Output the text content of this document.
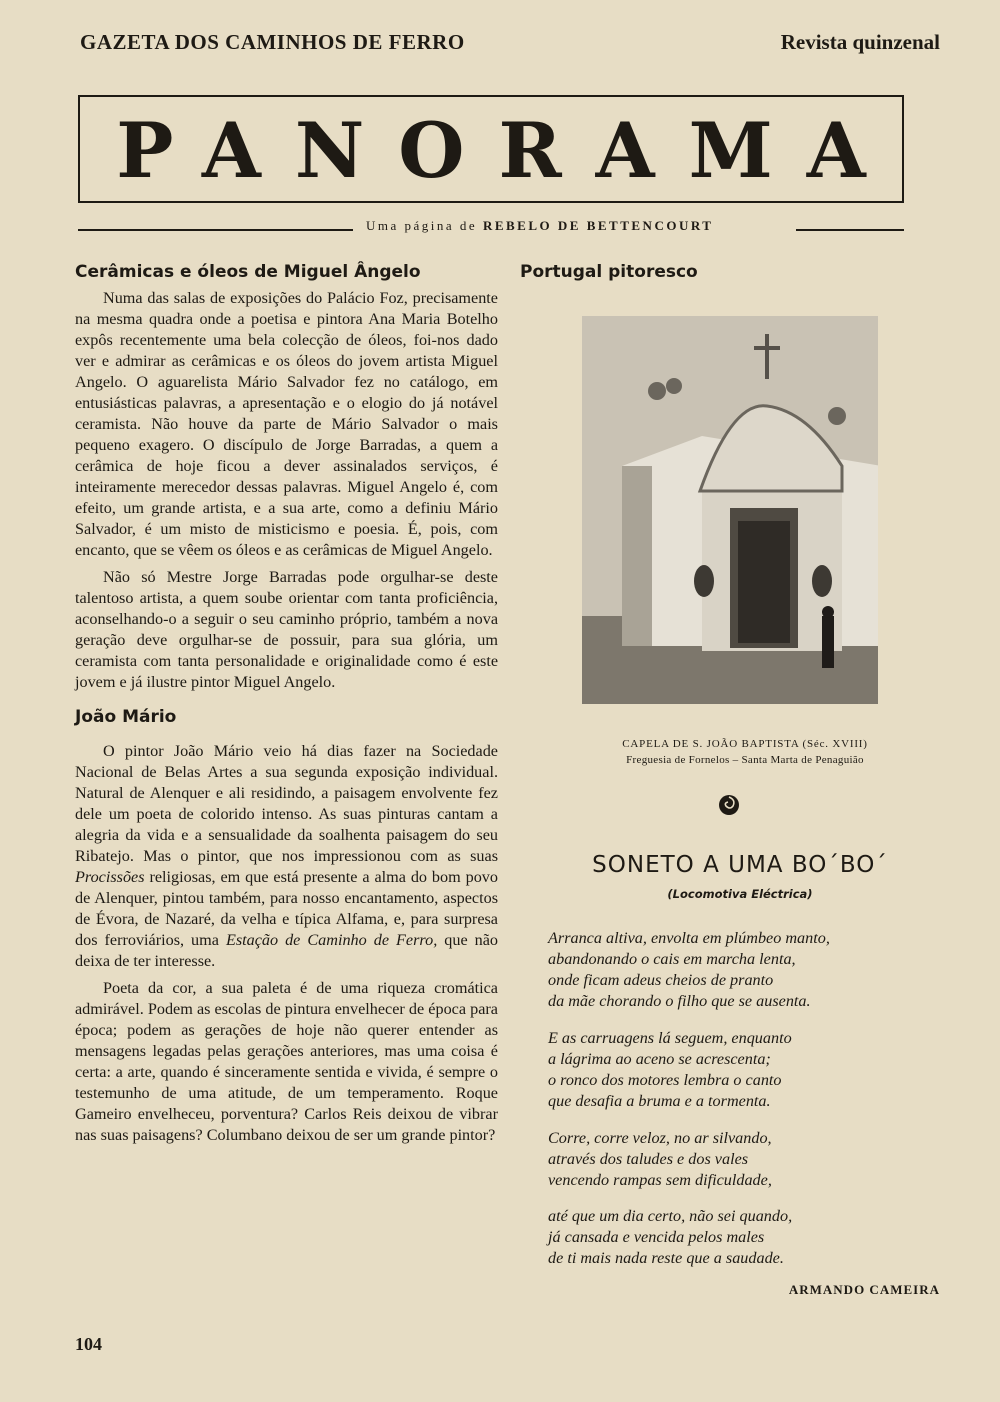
GAZETA DOS CAMINHOS DE FERRO	Revista quinzenal
PANORAMA
Uma página de REBELO DE BETTENCOURT
Cerâmicas e óleos de Miguel Ângelo

Numa das salas de exposições do Palácio Foz, precisamente na mesma quadra onde a poetisa e pintora Ana Maria Botelho expôs recentemente uma bela colecção de óleos, foi-nos dado ver e admirar as cerâmicas e os óleos do jovem artista Miguel Angelo. O aguarelista Mário Salvador fez no catálogo, em entusiásticas palavras, a apresentação e o elogio do já notável ceramista. Não houve da parte de Mário Salvador o mais pequeno exagero. O discípulo de Jorge Barradas, a quem a cerâmica de hoje ficou a dever assinalados serviços, é inteiramente merecedor dessas palavras. Miguel Angelo é, com efeito, um grande artista, e a sua arte, como a definiu Mário Salvador, é um misto de misticismo e poesia. É, pois, com encanto, que se vêem os óleos e as cerâmicas de Miguel Angelo.

Não só Mestre Jorge Barradas pode orgulhar-se deste talentoso artista, a quem soube orientar com tanta proficiência, aconselhando-o a seguir o seu caminho próprio, também a nova geração deve orgulhar-se de possuir, para sua glória, um ceramista com tanta personalidade e originalidade como é este jovem e já ilustre pintor Miguel Angelo.

João Mário

O pintor João Mário veio há dias fazer na Sociedade Nacional de Belas Artes a sua segunda exposição individual. Natural de Alenquer e ali residindo, a paisagem envolvente fez dele um poeta de colorido intenso. As suas pinturas cantam a alegria da vida e a sensualidade da soalhenta paisagem do seu Ribatejo. Mas o pintor, que nos impressionou com as suas Procissões religiosas, em que está presente a alma do bom povo de Alenquer, pintou também, para nosso encantamento, aspectos de Évora, de Nazaré, da velha e típica Alfama, e, para surpresa dos ferroviários, uma Estação de Caminho de Ferro, que não deixa de ter interesse.

Poeta da cor, a sua paleta é de uma riqueza cromática admirável. Podem as escolas de pintura envelhecer de época para época; podem as gerações de hoje não querer entender as mensagens legadas pelas gerações anteriores, mas uma coisa é certa: a arte, quando é sinceramente sentida e vivida, é sempre o testemunho de uma atitude, de um temperamento. Roque Gameiro envelheceu, porventura? Carlos Reis deixou de vibrar nas suas paisagens? Columbano deixou de ser um grande pintor?

Portugal pitoresco
CAPELA DE S. JOÃO BAPTISTA (Séc. XVIII)
Freguesia de Fornelos – Santa Marta de Penaguião
SONETO A UMA BO´BO´
(Locomotiva Eléctrica)
Arranca altiva, envolta em plúmbeo manto,
abandonando o cais em marcha lenta,
onde ficam adeus cheios de pranto
da mãe chorando o filho que se ausenta.
E as carruagens lá seguem, enquanto
a lágrima ao aceno se acrescenta;
o ronco dos motores lembra o canto
que desafia a bruma e a tormenta.
Corre, corre veloz, no ar silvando,
através dos taludes e dos vales
vencendo rampas sem dificuldade,
até que um dia certo, não sei quando,
já cansada e vencida pelos males
de ti mais nada reste que a saudade.
ARMANDO CAMEIRA
104
